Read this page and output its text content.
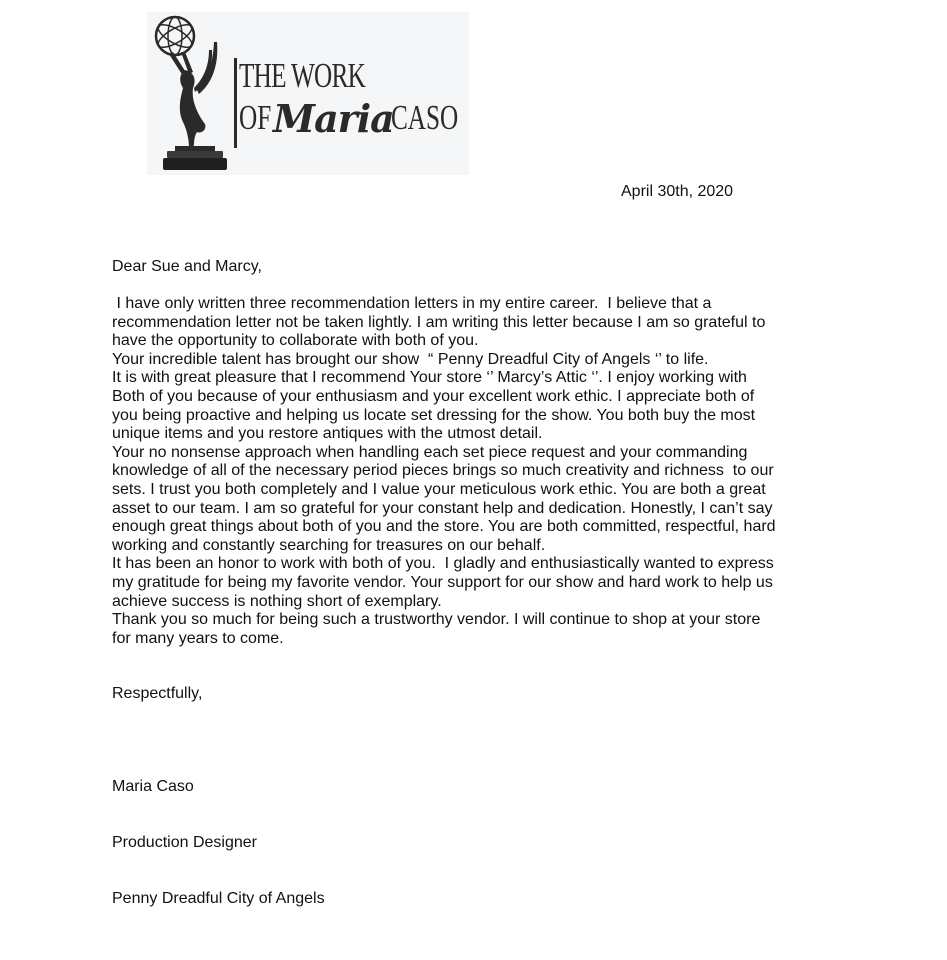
THE WORK
OFMariaCASO
April 30th, 2020
Dear Sue and Marcy,
I have only written three recommendation letters in my entire career.  I believe that a
recommendation letter not be taken lightly. I am writing this letter because I am so grateful to
have the opportunity to collaborate with both of you.
Your incredible talent has brought our show  “ Penny Dreadful City of Angels ‘’ to life.
It is with great pleasure that I recommend Your store ‘’ Marcy’s Attic ‘’. I enjoy working with
Both of you because of your enthusiasm and your excellent work ethic. I appreciate both of
you being proactive and helping us locate set dressing for the show. You both buy the most
unique items and you restore antiques with the utmost detail.
Your no nonsense approach when handling each set piece request and your commanding
knowledge of all of the necessary period pieces brings so much creativity and richness  to our
sets. I trust you both completely and I value your meticulous work ethic. You are both a great
asset to our team. I am so grateful for your constant help and dedication. Honestly, I can’t say
enough great things about both of you and the store. You are both committed, respectful, hard
working and constantly searching for treasures on our behalf.
It has been an honor to work with both of you.  I gladly and enthusiastically wanted to express
my gratitude for being my favorite vendor. Your support for our show and hard work to help us
achieve success is nothing short of exemplary.
Thank you so much for being such a trustworthy vendor. I will continue to shop at your store
for many years to come.
Respectfully,

Maria Caso

Production Designer

Penny Dreadful City of Angels
